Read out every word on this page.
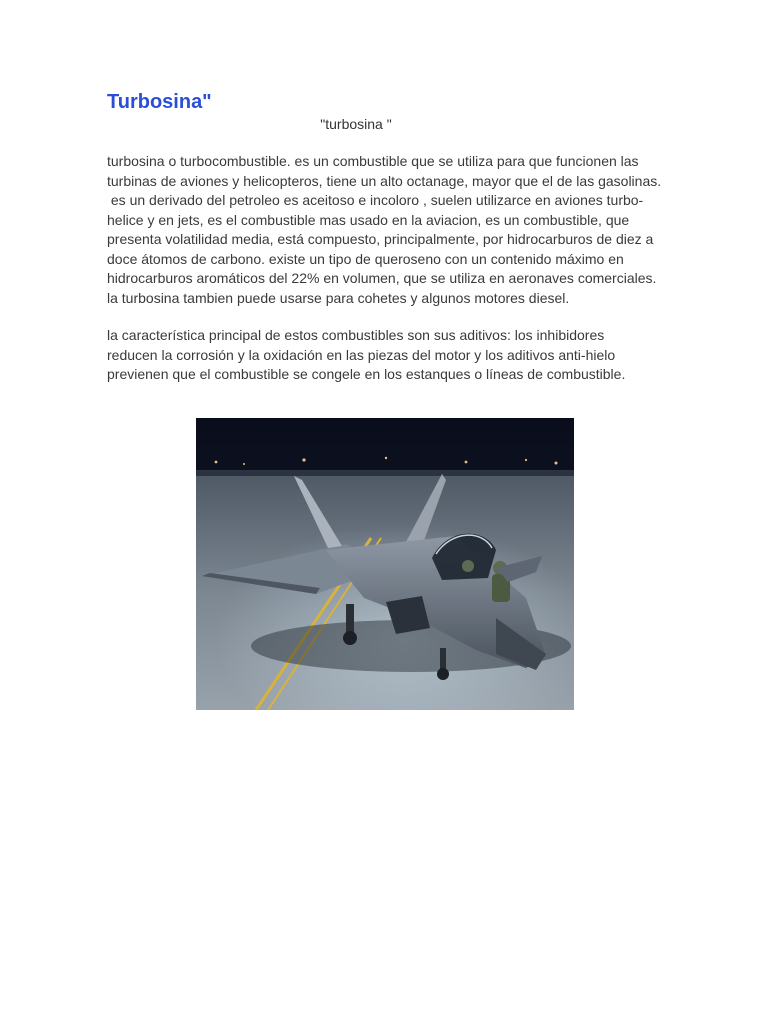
Turbosina"

"turbosina "

turbosina o turbocombustible. es un combustible que se utiliza para que funcionen las
turbinas de aviones y helicopteros, tiene un alto octanage, mayor que el de las gasolinas.
es un derivado del petroleo es aceitoso e incoloro , suelen utilizarce en aviones turbo-
helice y en jets, es el combustible mas usado en la aviacion, es un combustible, que
presenta volatilidad media, está compuesto, principalmente, por hidrocarburos de diez a
doce átomos de carbono. existe un tipo de queroseno con un contenido máximo en
hidrocarburos aromáticos del 22% en volumen, que se utiliza en aeronaves comerciales.
la turbosina tambien puede usarse para cohetes y algunos motores diesel.

la característica principal de estos combustibles son sus aditivos: los inhibidores
reducen la corrosión y la oxidación en las piezas del motor y los aditivos anti-hielo
previenen que el combustible se congele en los estanques o líneas de combustible.
